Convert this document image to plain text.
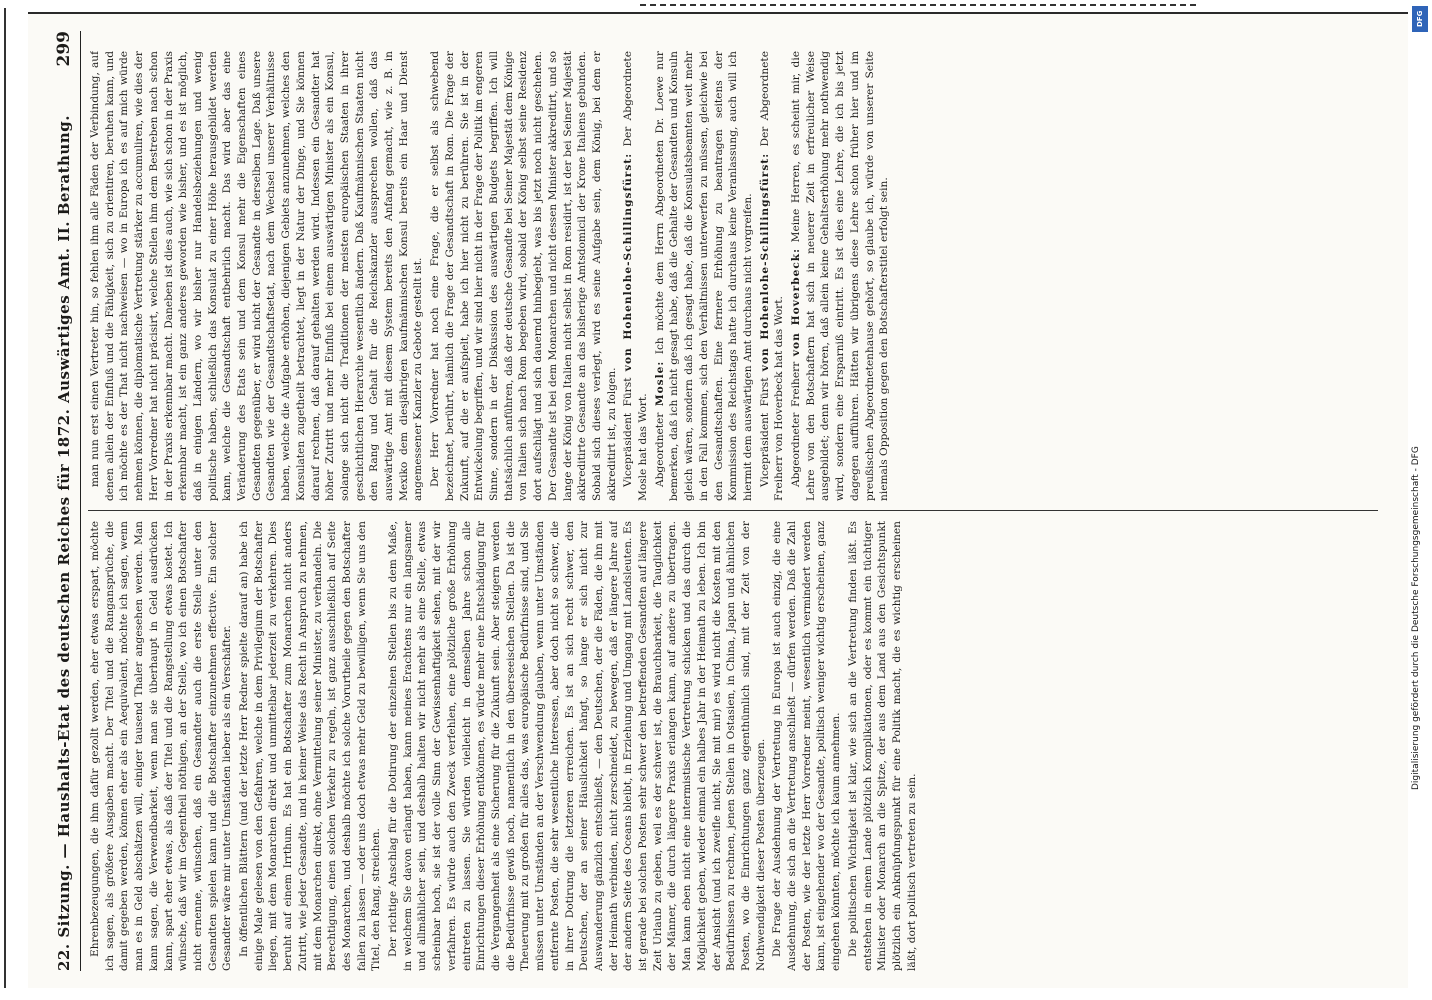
22. Sitzung. — Haushalts-Etat des deutschen Reiches für 1872. Auswärtiges Amt. II. Berathung.
299

Ehrenbezeugungen, die ihm dafür gezollt werden, eher etwas erspart, möchte ich sagen, als größere Ausgaben macht. Der Titel und die Rangansprüche, die damit gegeben werden, können eher als ein Aequivalent, möchte ich sagen, wenn man es in Geld abschätzen will, einiger tausend Thaler angesehen werden. Man kann sagen, die Verwendbarkeit, wenn man sie überhaupt in Geld ausdrücken kann, spart eher etwas, als daß der Titel und die Rangstellung etwas kostet. Ich wünsche, daß wir im Gegentheil nöthigen, an der Stelle, wo ich einen Botschafter nicht ernenne, wünschen, daß ein Gesandter auch die erste Stelle unter den Gesandten spielen kann und die Botschafter einzunehmen effective. Ein solcher Gesandter wäre mir unter Umständen lieber als ein Verschäfter. In öffentlichen Blättern (und der letzte Herr Redner spielte darauf an) habe ich einige Male gelesen von den Gefahren, welche in dem Privilegium der Botschafter liegen, mit dem Monarchen direkt und unmittelbar jederzeit zu verkehren. Dies beruht auf einem Irrthum. Es hat ein Botschafter zum Monarchen nicht anders Zutritt, wie jeder Gesandte, und in keiner Weise das Recht in Anspruch zu nehmen, mit dem Monarchen direkt, ohne Vermittelung seiner Minister, zu verhandeln. Die Berechtigung, einen solchen Verkehr zu regeln, ist ganz ausschließlich auf Seite des Monarchen, und deshalb möchte ich solche Vorurtheile gegen den Botschafter fallen zu lassen — oder uns doch etwas mehr Geld zu bewilligen, wenn Sie uns den Titel, den Rang, streichen. Der richtige Anschlag für die Dotirung der einzelnen Stellen bis zu dem Maße, in welchem Sie davon erlangt haben, kann meines Erachtens nur ein langsamer und allmählicher sein, und deshalb halten wir nicht mehr als eine Stelle, etwas scheinbar hoch, sie ist der volle Sinn der Gewissenhaftigkeit sehen, mit der wir verfahren. Es würde auch den Zweck verfehlen, eine plötzliche große Erhöhung eintreten zu lassen. Sie würden vielleicht in demselben Jahre schon alle Einrichtungen dieser Erhöhung entkönnen, es würde mehr eine Entschädigung für die Vergangenheit als eine Sicherung für die Zukunft sein. Aber steigern werden die Bedürfnisse gewiß noch, namentlich in den überseeischen Stellen. Da ist die Theuerung mit zu großen für alles das, was europäische Bedürfnisse sind, und Sie müssen unter Umständen an der Verschwendung glauben, wenn unter Umständen entfernte Posten, die sehr wesentliche Interessen, aber doch nicht so schwer, die in ihrer Dotirung die letzteren erreichen. Es ist an sich recht schwer, den Deutschen, der an seiner Häuslichkeit hängt, so lange er sich nicht zur Auswanderung gänzlich entschließt, — den Deutschen, der die Fäden, die ihn mit der Heimath verbinden, nicht zerschneidet, zu bewegen, daß er längere Jahre auf der andern Seite des Oceans bleibt, in Erziehung und Umgang mit Landsleuten. Es ist gerade bei solchen Posten sehr schwer den betreffenden Gesandten auf längere Zeit Urlaub zu geben, weil es der schwer ist, die Brauchbarkeit, die Tauglichkeit der Männer, die durch längere Praxis erlangen kann, auf andere zu übertragen. Man kann eben nicht eine intermistische Vertretung schicken und das durch die Möglichkeit geben, wieder einmal ein halbes Jahr in der Heimath zu leben. Ich bin der Ansicht (und ich zweifle nicht, Sie mit mir) es wird nicht die Kosten mit den Bedürfnissen zu rechnen, jenen Stellen in Ostasien, in China, Japan und ähnlichen Posten, wo die Einrichtungen ganz eigenthümlich sind, mit der Zeit von der Nothwendigkeit dieser Posten überzeugen. Die Frage der Ausdehnung der Vertretung in Europa ist auch einzig, die eine Ausdehnung, die sich an die Vertretung anschließt — dürfen werden. Daß die Zahl der Posten, wie der letzte Herr Vorredner meint, wesentlich vermindert werden kann, ist eingehender wo der Gesandte, politisch weniger wichtig erscheinen, ganz eingehen könnten, möchte ich kaum annehmen. Die politischen Wichtigkeit ist klar, wie sich an die Vertretung finden läßt. Es entstehen in einem Lande plötzlich Komplikationen, oder es kommt ein tüchtiger Minister oder Monarch an die Spitze, der aus dem Land aus den Gesichtspunkt plötzlich ein Anknüpfungspunkt für eine Politik macht, die es wichtig erscheinen läßt, dort politisch vertreten zu sein.

man nun erst einen Vertreter hin, so fehlen ihm alle Fäden der Verbindung, auf denen allein der Einfluß und die Fähigkeit, sich zu orientiren, beruhen kann, und ich möchte es der That nicht nachweisen — wo in Europa ich es auf mich würde nehmen können, die diplomatische Vertretung stärker zu accumuliren, wie dies der Herr Vorredner hat nicht präcisirt, welche Stellen ihm dem Bestreben nach schon in der Praxis erkennbar macht. Daneben ist dies auch, wie sich schon in der Praxis erkennbar macht, ist ein ganz anderes geworden wie bisher, und es ist möglich, daß in einigen Ländern, wo wir bisher nur Handelsbeziehungen und wenig politische haben, schließlich das Konsulat zu einer Höhe herausgebildet werden kann, welche die Gesandtschaft entbehrlich macht. Das wird aber das eine Veränderung des Etats sein und dem Konsul mehr die Eigenschaften eines Gesandten gegenüber, er wird nicht der Gesandte in derselben Lage. Daß unsere Gesandten wie der Gesandtschaftsetat, nach dem Wechsel unserer Verhältnisse haben, welche die Aufgabe erhöhen, diejenigen Gebiets anzunehmen, welches den Konsulaten zugetheilt betrachtet, liegt in der Natur der Dinge, und Sie können darauf rechnen, daß darauf gehalten werden wird. Indessen ein Gesandter hat höher Zutritt und mehr Einfluß bei einem auswärtigen Minister als ein Konsul, solange sich nicht die Traditionen der meisten europäischen Staaten in ihrer geschichtlichen Hierarchie wesentlich ändern. Daß Kaufmännischen Staaten nicht den Rang und Gehalt für die Reichskanzler aussprechen wollen, daß das auswärtige Amt mit diesem System bereits den Anfang gemacht, wie z. B. in Mexiko dem diesjährigen kaufmännischen Konsul bereits ein Haar und Dienst angemessener Kanzler zu Gebote gestellt ist. Der Herr Vorredner hat noch eine Frage, die er selbst als schwebend bezeichnet, berührt, nämlich die Frage der Gesandtschaft in Rom. Die Frage der Zukunft, auf die er aufspielt, habe ich hier nicht zu berühren. Sie ist in der Entwickelung begriffen, und wir sind hier nicht in der Frage der Politik im engeren Sinne, sondern in der Diskussion des auswärtigen Budgets begriffen. Ich will thatsächlich anführen, daß der deutsche Gesandte bei Seiner Majestät dem Könige von Italien sich nach Rom begeben wird, sobald der König selbst seine Residenz dort aufschlägt und sich dauernd hinbegiebt, was bis jetzt noch nicht geschehen. Der Gesandte ist bei dem Monarchen und nicht dessen Minister akkreditirt, und so lange der König von Italien nicht selbst in Rom residirt, ist der bei Seiner Majestät akkreditirte Gesandte an das bisherige Amtsdomicil der Krone Italiens gebunden. Sobald sich dieses verlegt, wird es seine Aufgabe sein, dem König, bei dem er akkreditirt ist, zu folgen. Vicepräsident Fürst von Hohenlohe-Schillingsfürst: Der Abgeordnete Mosle hat das Wort. Abgeordneter Mosle: Ich möchte dem Herrn Abgeordneten Dr. Loewe nur bemerken, daß ich nicht gesagt habe, daß die Gehalte der Gesandten und Konsuln gleich wären, sondern daß ich gesagt habe, daß die Konsulatsbeamten weit mehr in den Fall kommen, sich den Verhältnissen unterwerfen zu müssen, gleichwie bei den Gesandtschaften. Eine fernere Erhöhung zu beantragen seitens der Kommission des Reichstags hatte ich durchaus keine Veranlassung, auch will ich hiermit dem auswärtigen Amt durchaus nicht vorgreifen. Vicepräsident Fürst von Hohenlohe-Schillingsfürst: Der Abgeordnete Freiherr von Hoverbeck hat das Wort. Abgeordneter Freiherr von Hoverbeck: Meine Herren, es scheint mir, die Lehre von den Botschaftern hat sich in neuerer Zeit in erfreulicher Weise ausgebildet; denn wir hören, daß allein keine Gehaltserhöhung mehr nothwendig wird, sondern eine Ersparniß eintritt. Es ist dies eine Lehre, die ich bis jetzt dagegen aufführen. Hätten wir übrigens diese Lehre schon früher hier und im preußischen Abgeordnetenhause gehört, so glaube ich, würde von unserer Seite niemals Opposition gegen den Botschafterstitel erfolgt sein.

DFG
Digitalisierung gefördert durch die Deutsche Forschungsgemeinschaft - DFG
